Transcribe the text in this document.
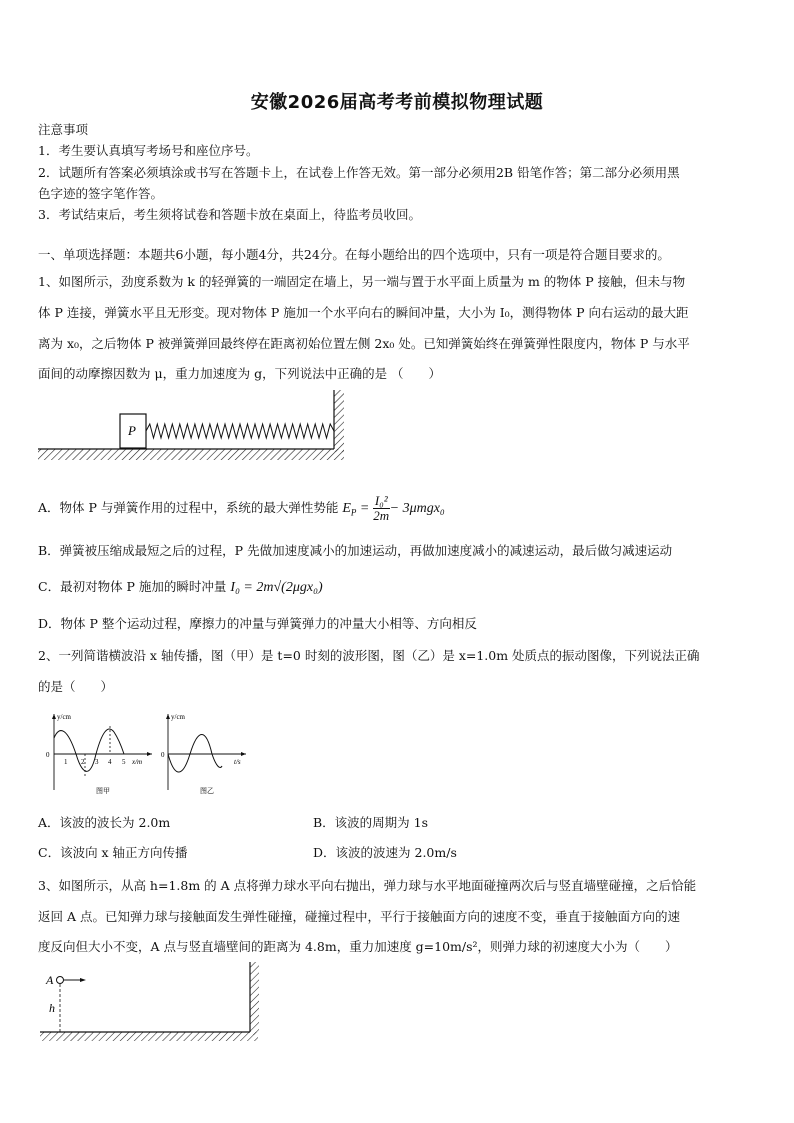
安徽2026届高考考前模拟物理试题
注意事项
1．考生要认真填写考场号和座位序号。
2．试题所有答案必须填涂或书写在答题卡上，在试卷上作答无效。第一部分必须用2B 铅笔作答；第二部分必须用黑
色字迹的签字笔作答。
3．考试结束后，考生须将试卷和答题卡放在桌面上，待监考员收回。
一、单项选择题：本题共6小题，每小题4分，共24分。在每小题给出的四个选项中，只有一项是符合题目要求的。
1、如图所示，劲度系数为 k 的轻弹簧的一端固定在墙上，另一端与置于水平面上质量为 m 的物体 P 接触，但未与物
体 P 连接，弹簧水平且无形变。现对物体 P 施加一个水平向右的瞬间冲量，大小为 I₀，测得物体 P 向右运动的最大距
离为 x₀，之后物体 P 被弹簧弹回最终停在距离初始位置左侧 2x₀ 处。已知弹簧始终在弹簧弹性限度内，物体 P 与水平
面间的动摩擦因数为 μ，重力加速度为 g，下列说法中正确的是 （　　）
P
A．物体 P 与弹簧作用的过程中，系统的最大弹性势能 $E_P = \frac{\text{I₀²}}{2m} - 3\mu mgx_0$
B．弹簧被压缩成最短之后的过程，P 先做加速度减小的加速运动，再做加速度减小的减速运动，最后做匀减速运动
C．最初对物体 P 施加的瞬时冲量 I₀ = 2m√(2μgx₀)
D．物体 P 整个运动过程，摩擦力的冲量与弹簧弹力的冲量大小相等、方向相反
2、一列简谐横波沿 x 轴传播，图（甲）是 t=0 时刻的波形图，图（乙）是 x=1.0m 处质点的振动图像，下列说法正确
的是（　　）
y/cm
x/m
0
1 2 3 4 5
图甲
y/cm
t/s
0
图乙
A．该波的波长为 2.0m	B．该波的周期为 1s
C．该波向 x 轴正方向传播	D．该波的波速为 2.0m/s
3、如图所示，从高 h=1.8m 的 A 点将弹力球水平向右抛出，弹力球与水平地面碰撞两次后与竖直墙壁碰撞，之后恰能
返回 A 点。已知弹力球与接触面发生弹性碰撞，碰撞过程中，平行于接触面方向的速度不变，垂直于接触面方向的速
度反向但大小不变，A 点与竖直墙壁间的距离为 4.8m，重力加速度 g=10m/s²，则弹力球的初速度大小为（　　）
A
h
